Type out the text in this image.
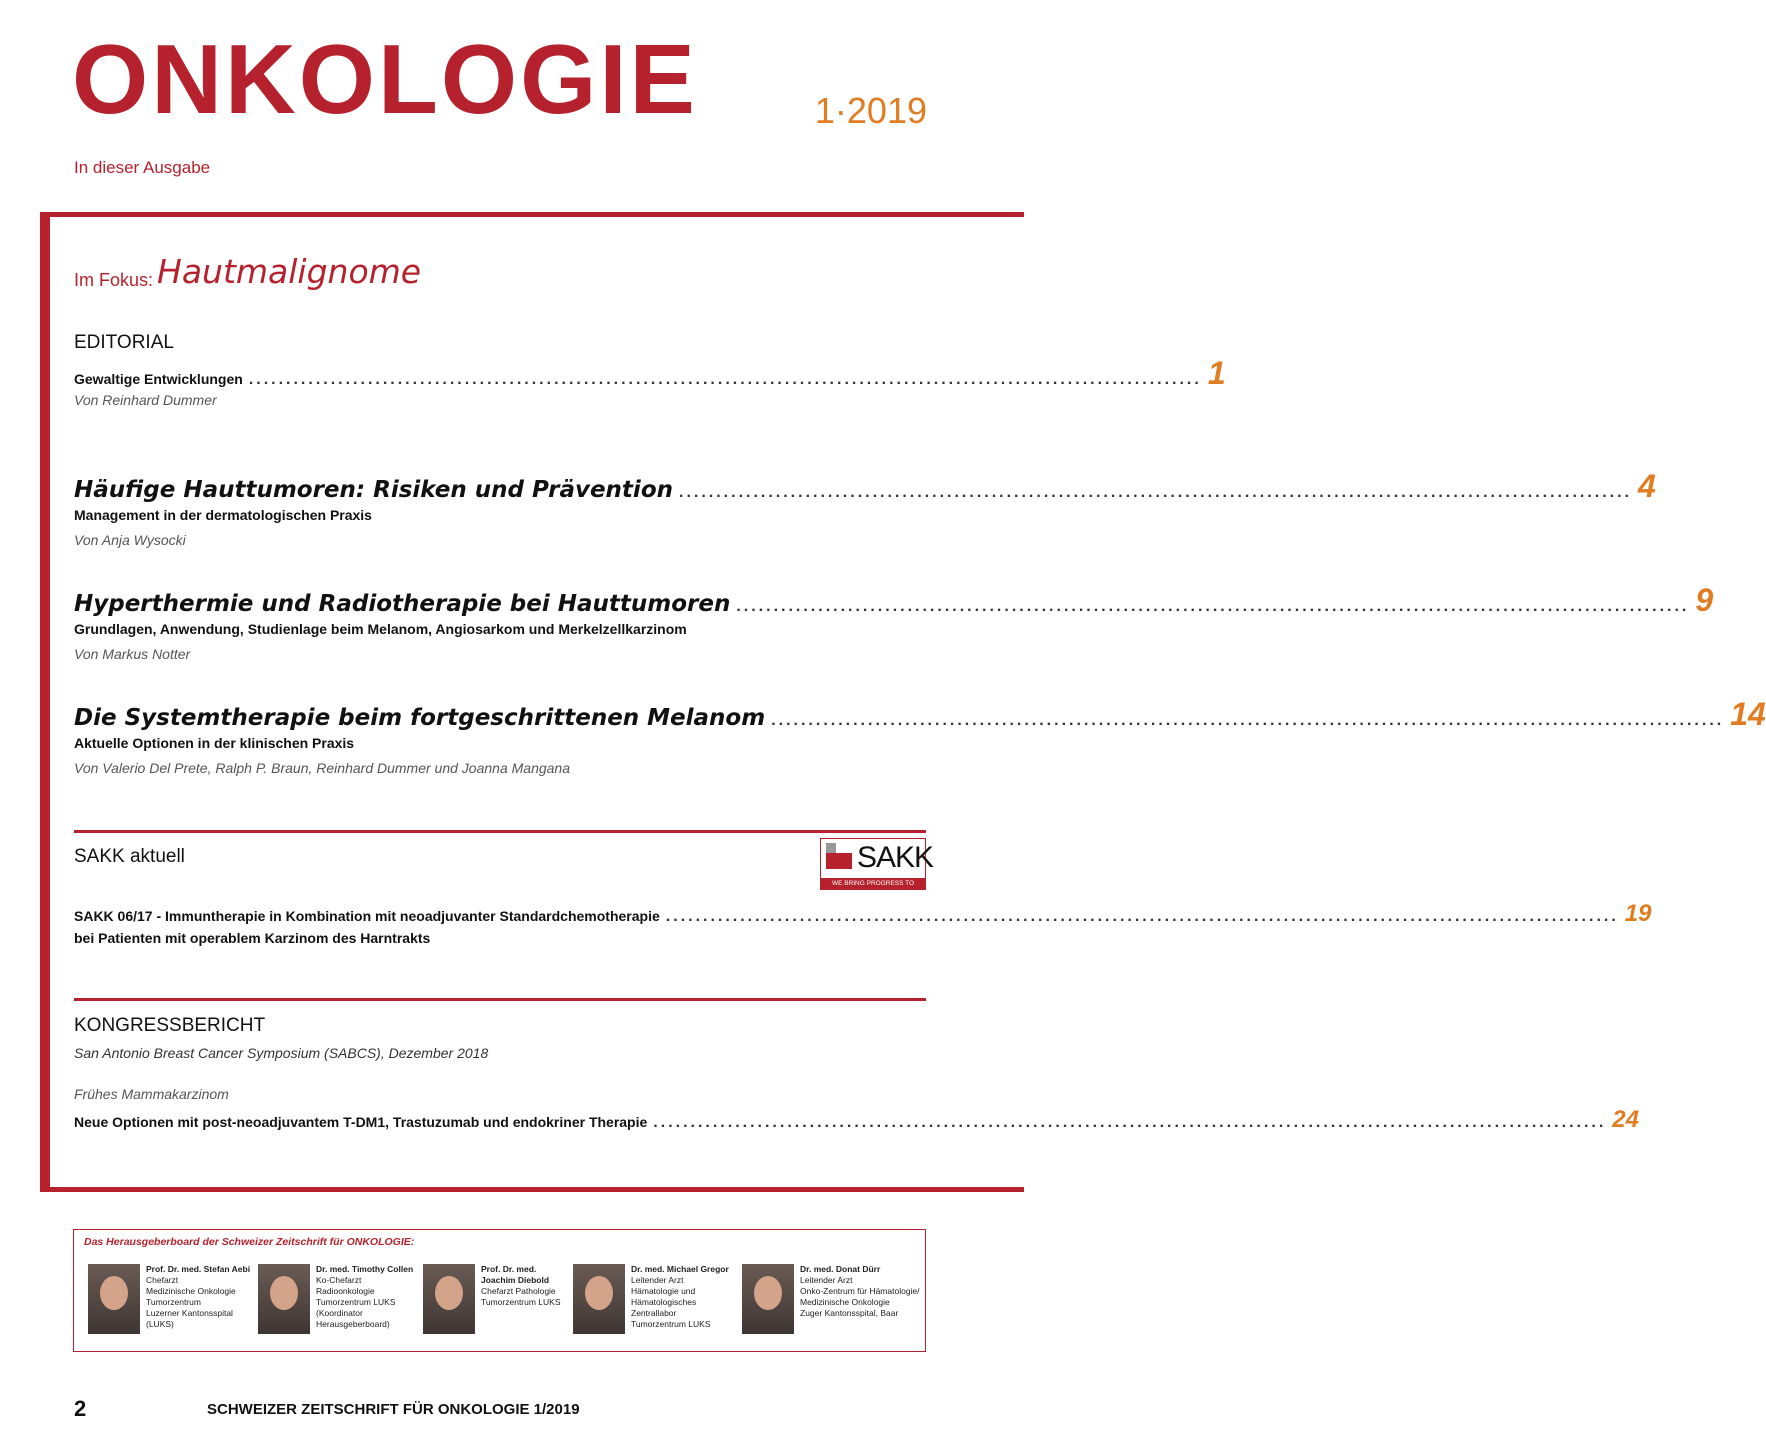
ONKOLOGIE	1·2019
In dieser Ausgabe
Im Fokus: Hautmalignome
EDITORIAL
Gewaltige Entwicklungen ................................................................................................................................ 1
Von Reinhard Dummer
Häufige Hauttumoren: Risiken und Prävention ................................................................................................................................ 4
Management in der dermatologischen Praxis
Von Anja Wysocki
Hyperthermie und Radiotherapie bei Hauttumoren ................................................................................................................................ 9
Grundlagen, Anwendung, Studienlage beim Melanom, Angiosarkom und Merkelzellkarzinom
Von Markus Notter
Die Systemtherapie beim fortgeschrittenen Melanom ................................................................................................................................ 14
Aktuelle Optionen in der klinischen Praxis
Von Valerio Del Prete, Ralph P. Braun, Reinhard Dummer und Joanna Mangana
SAKK aktuell	SAKK
WE BRING PROGRESS TO CANCER CARE
SAKK 06/17 - Immuntherapie in Kombination mit neoadjuvanter Standardchemotherapie ................................................................................................................................ 19
bei Patienten mit operablem Karzinom des Harntrakts
KONGRESSBERICHT
San Antonio Breast Cancer Symposium (SABCS), Dezember 2018
Frühes Mammakarzinom
Neue Optionen mit post-neoadjuvantem T-DM1, Trastuzumab und endokriner Therapie ................................................................................................................................ 24
Das Herausgeberboard der Schweizer Zeitschrift für ONKOLOGIE:
Prof. Dr. med. Stefan Aebi
Chefarzt
Medizinische Onkologie
Tumorzentrum
Luzerner Kantonsspital
(LUKS)
Dr. med. Timothy Collen
Ko-Chefarzt
Radioonkologie
Tumorzentrum LUKS
(Koordinator
Herausgeberboard)
Prof. Dr. med.
Joachim Diebold
Chefarzt Pathologie
Tumorzentrum LUKS
Dr. med. Michael Gregor
Leitender Arzt
Hämatologie und
Hämatologisches
Zentrallabor
Tumorzentrum LUKS
Dr. med. Donat Dürr
Leitender Arzt
Onko-Zentrum für Hämatologie/
Medizinische Onkologie
Zuger Kantonsspital, Baar
2	SCHWEIZER ZEITSCHRIFT FÜR ONKOLOGIE 1/2019
